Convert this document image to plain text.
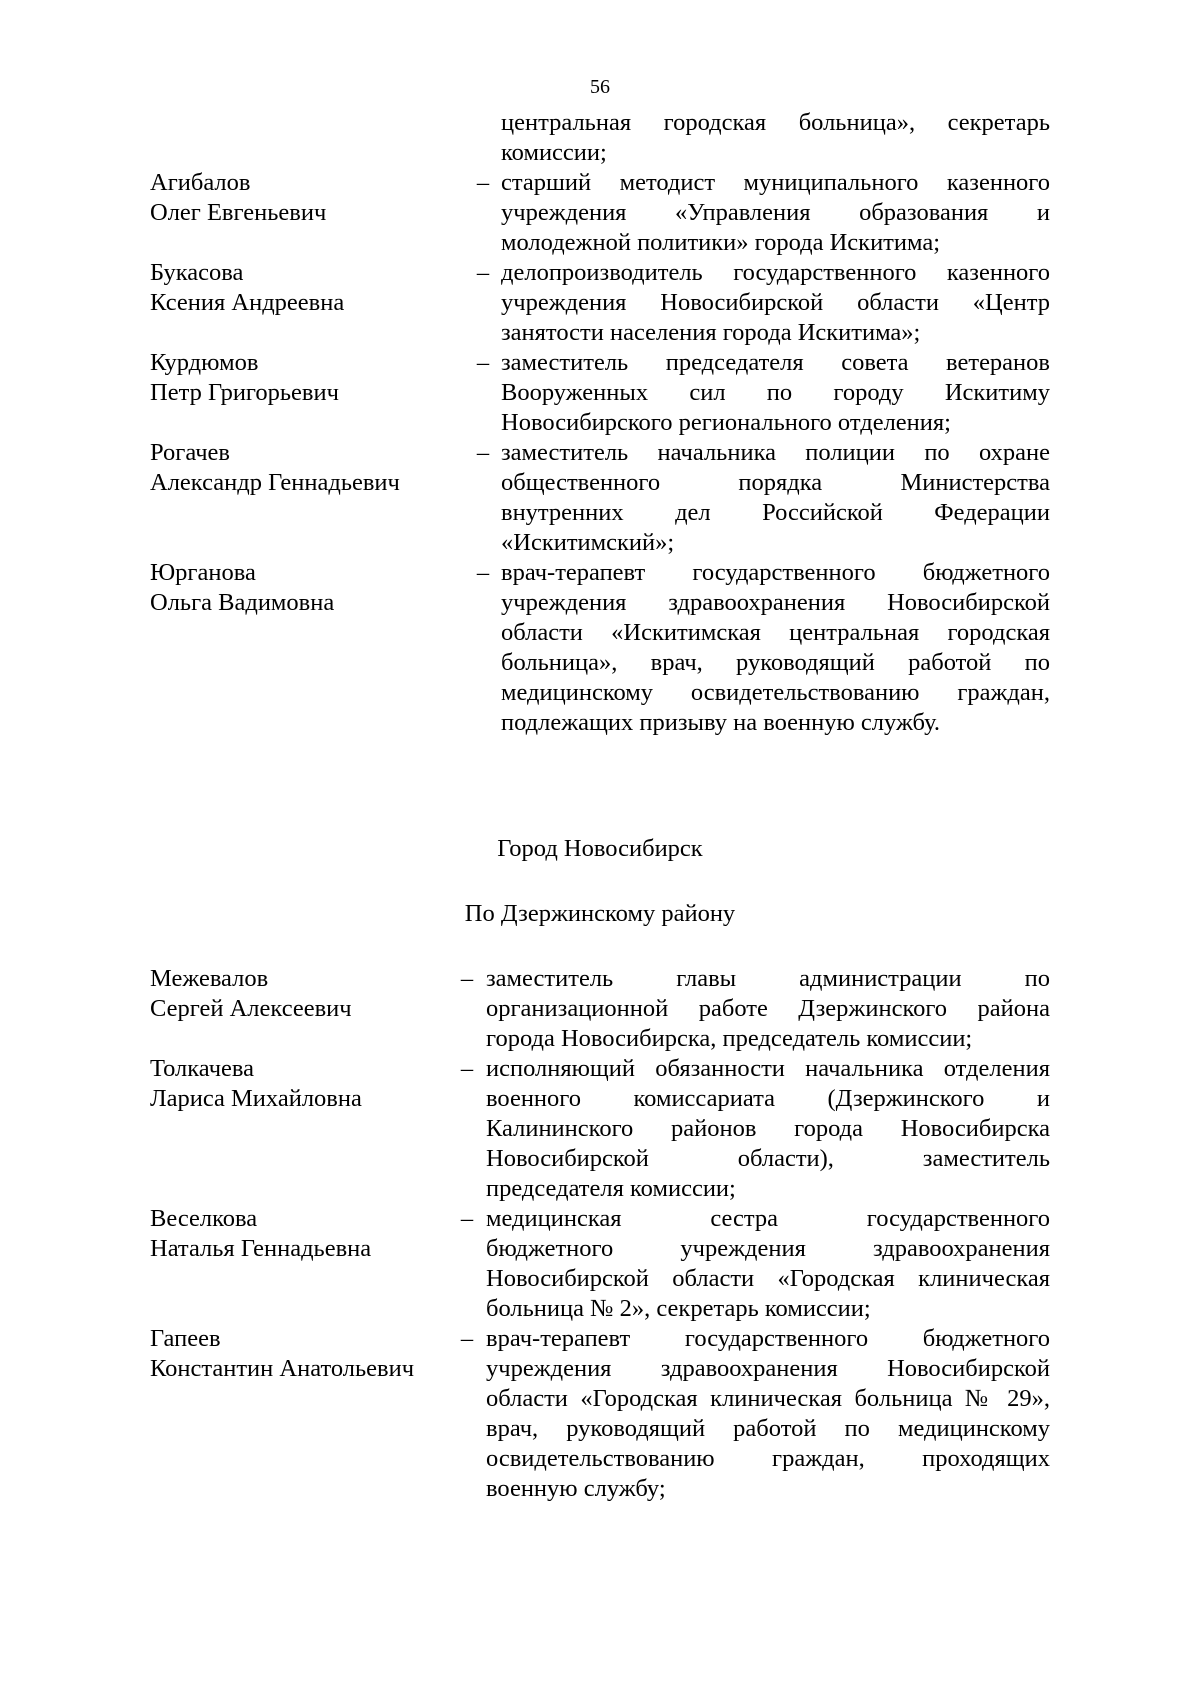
56
центральная городская больница», секретарь
комиссии;
Агибалов
Олег Евгеньевич
– старший методист муниципального казенного
учреждения «Управления образования и
молодежной политики» города Искитима;
Букасова
Ксения Андреевна
– делопроизводитель государственного казенного
учреждения Новосибирской области «Центр
занятости населения города Искитима»;
Курдюмов
Петр Григорьевич
– заместитель председателя совета ветеранов
Вооруженных сил по городу Искитиму
Новосибирского регионального отделения;
Рогачев
Александр Геннадьевич
– заместитель начальника полиции по охране
общественного порядка Министерства
внутренних дел Российской Федерации
«Искитимский»;
Юрганова
Ольга Вадимовна
– врач-терапевт государственного бюджетного
учреждения здравоохранения Новосибирской
области «Искитимская центральная городская
больница», врач, руководящий работой по
медицинскому освидетельствованию граждан,
подлежащих призыву на военную службу.
Город Новосибирск
По Дзержинскому району
Межевалов
Сергей Алексеевич
– заместитель главы администрации по
организационной работе Дзержинского района
города Новосибирска, председатель комиссии;
Толкачева
Лариса Михайловна
– исполняющий обязанности начальника отделения
военного комиссариата (Дзержинского и
Калининского районов города Новосибирска
Новосибирской области), заместитель
председателя комиссии;
Веселкова
Наталья Геннадьевна
– медицинская сестра государственного
бюджетного учреждения здравоохранения
Новосибирской области «Городская клиническая
больница № 2», секретарь комиссии;
Гапеев
Константин Анатольевич
– врач-терапевт государственного бюджетного
учреждения здравоохранения Новосибирской
области «Городская клиническая больница № 29»,
врач, руководящий работой по медицинскому
освидетельствованию граждан, проходящих
военную службу;
